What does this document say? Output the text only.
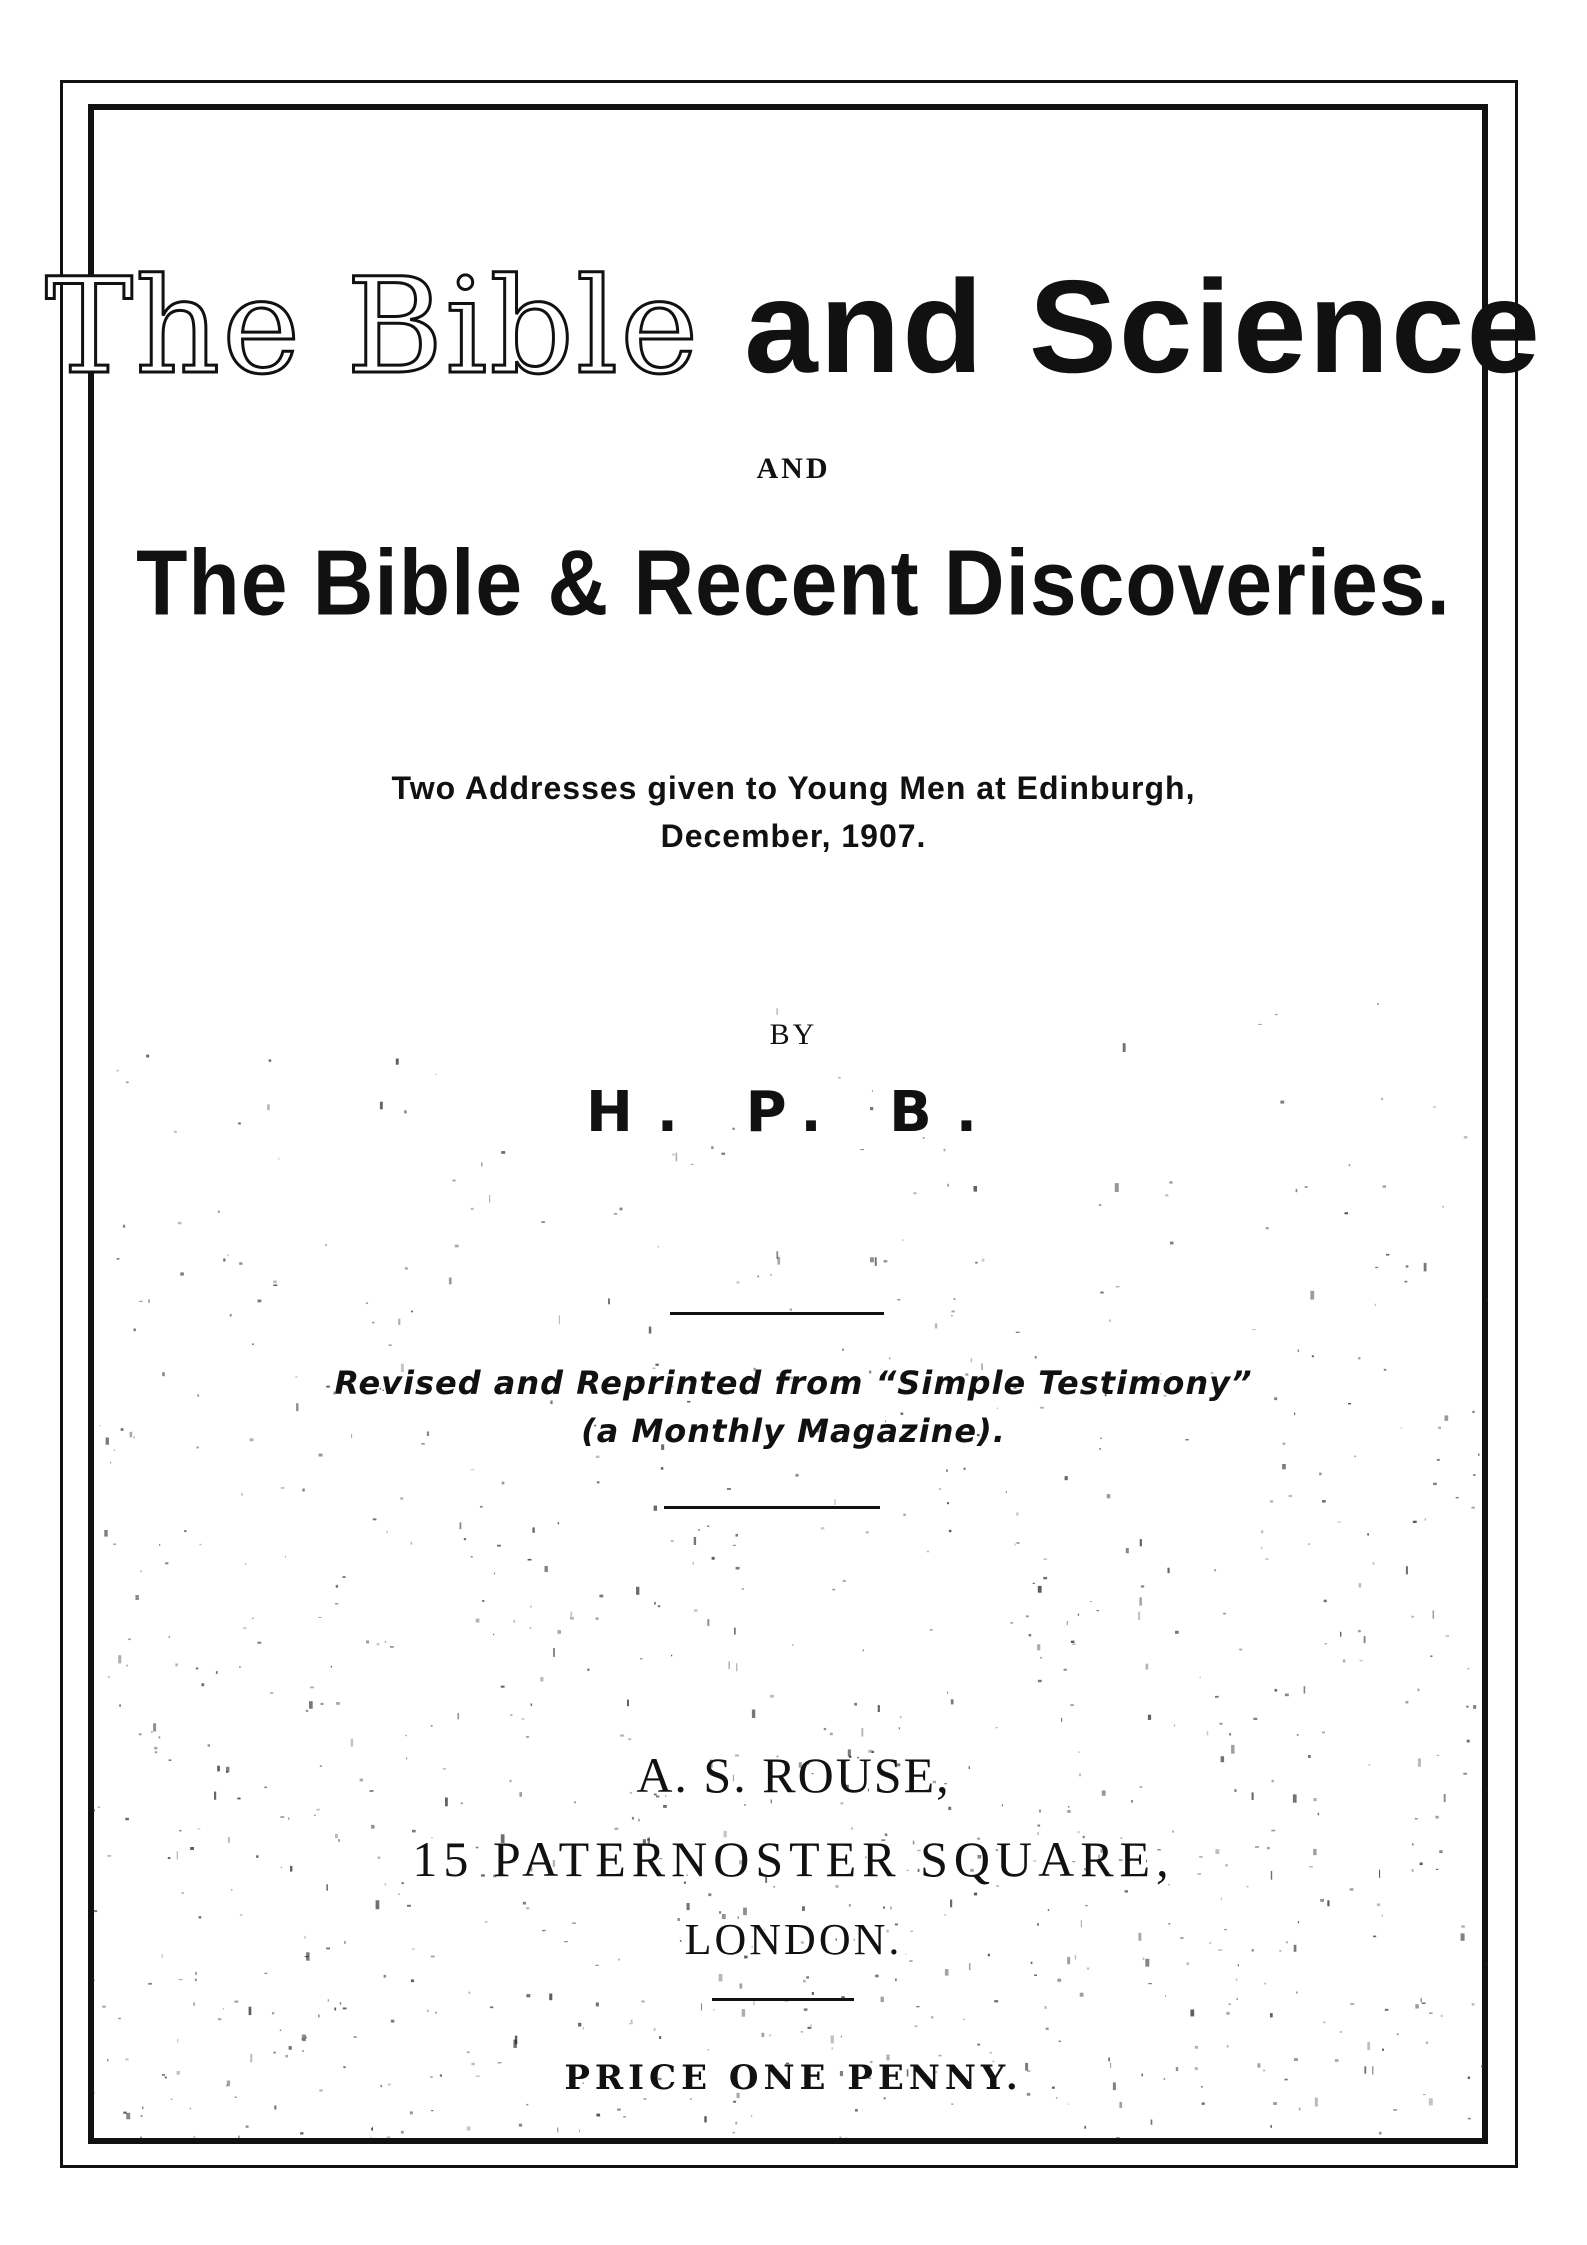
The Bible and Science
AND
The Bible & Recent Discoveries.
Two Addresses given to Young Men at Edinburgh,
December, 1907.
BY
H. P. B.
Revised and Reprinted from “Simple Testimony”
(a Monthly Magazine).
A. S. ROUSE,
15 PATERNOSTER SQUARE,
LONDON.
PRICE ONE PENNY.
